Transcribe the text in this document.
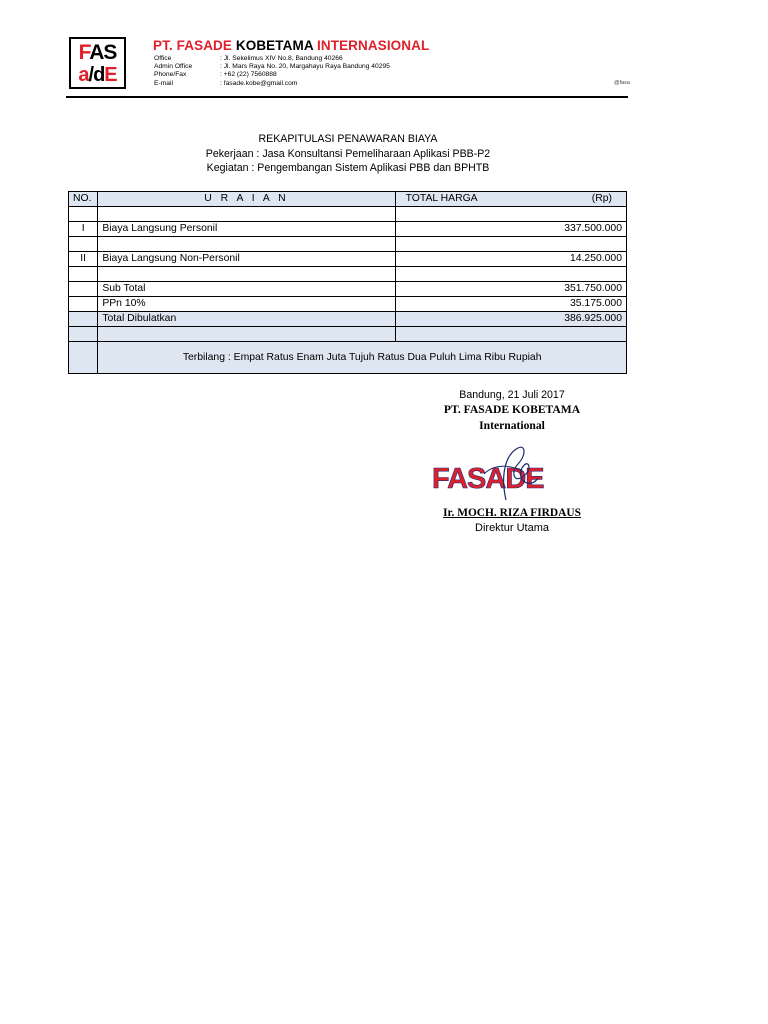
FAS
a/dE
PT. FASADE KOBETAMA INTERNASIONAL
Office	: Jl. Sekelimus XIV No.8, Bandung 40266
Admin Office	: Jl. Mars Raya No. 20, Margahayu Raya Bandung 40295
Phone/Fax	: +62 (22) 7560888
E-mail	: fasade.kobe@gmail.com	@fasa
REKAPITULASI PENAWARAN BIAYA
Pekerjaan : Jasa Konsultansi Pemeliharaan Aplikasi PBB-P2
Kegiatan : Pengembangan Sistem Aplikasi PBB dan BPHTB
NO.	U R A I A N	TOTAL HARGA (Rp)

I	Biaya Langsung Personil	337.500.000

II	Biaya Langsung Non-Personil	14.250.000

	Sub Total	351.750.000
	PPn 10%	35.175.000
	Total Dibulatkan	386.925.000

	Terbilang : Empat Ratus Enam Juta Tujuh Ratus Dua Puluh Lima Ribu Rupiah	
Bandung, 21 Juli 2017
PT. FASADE KOBETAMA
International
FASADE
Ir. MOCH. RIZA FIRDAUS
Direktur Utama
